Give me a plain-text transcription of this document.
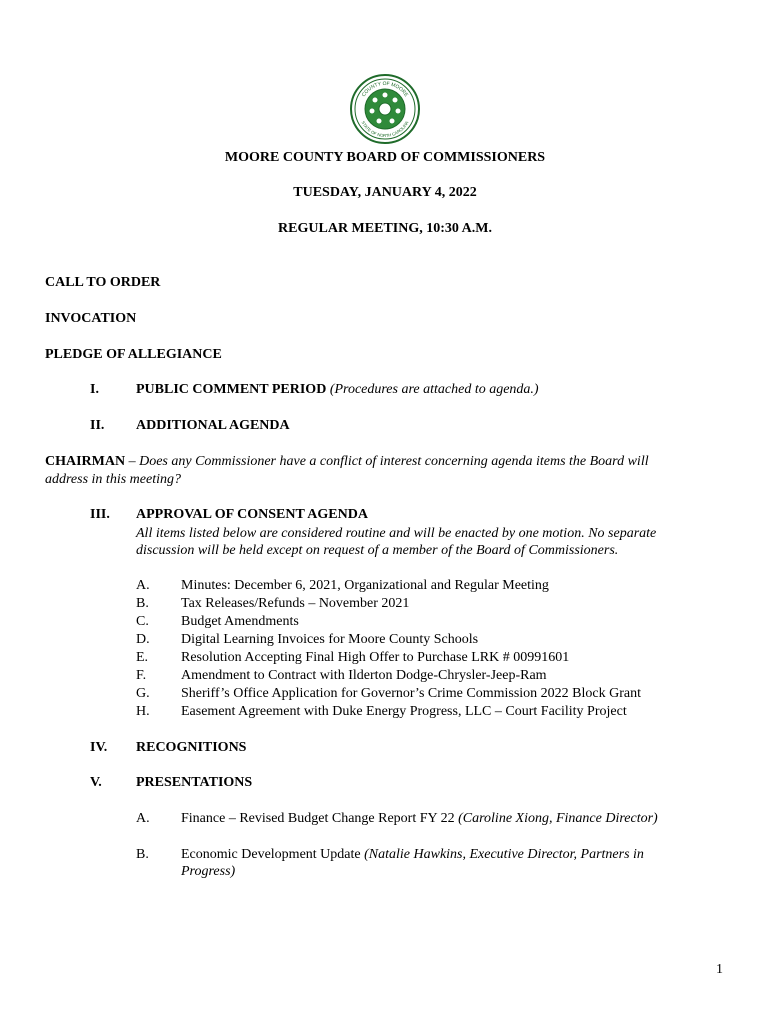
COUNTY OF MOORE
STATE OF NORTH CAROLINA
MOORE COUNTY BOARD OF COMMISSIONERS
TUESDAY, JANUARY 4, 2022
REGULAR MEETING, 10:30 A.M.
CALL TO ORDER
INVOCATION
PLEDGE OF ALLEGIANCE
I.	PUBLIC COMMENT PERIOD (Procedures are attached to agenda.)
II. ADDITIONAL AGENDA
CHAIRMAN – Does any Commissioner have a conflict of interest concerning agenda items the Board will
address in this meeting?
III. APPROVAL OF CONSENT AGENDA
All items listed below are considered routine and will be enacted by one motion. No separate
discussion will be held except on request of a member of the Board of Commissioners.
A. Minutes: December 6, 2021, Organizational and Regular Meeting
B. Tax Releases/Refunds – November 2021
C. Budget Amendments
D. Digital Learning Invoices for Moore County Schools
E. Resolution Accepting Final High Offer to Purchase LRK # 00991601
F. Amendment to Contract with Ilderton Dodge-Chrysler-Jeep-Ram
G. Sheriff’s Office Application for Governor’s Crime Commission 2022 Block Grant
H. Easement Agreement with Duke Energy Progress, LLC – Court Facility Project
IV. RECOGNITIONS
V. PRESENTATIONS
A. Finance – Revised Budget Change Report FY 22 (Caroline Xiong, Finance Director)
B. Economic Development Update (Natalie Hawkins, Executive Director, Partners in
Progress)
1
